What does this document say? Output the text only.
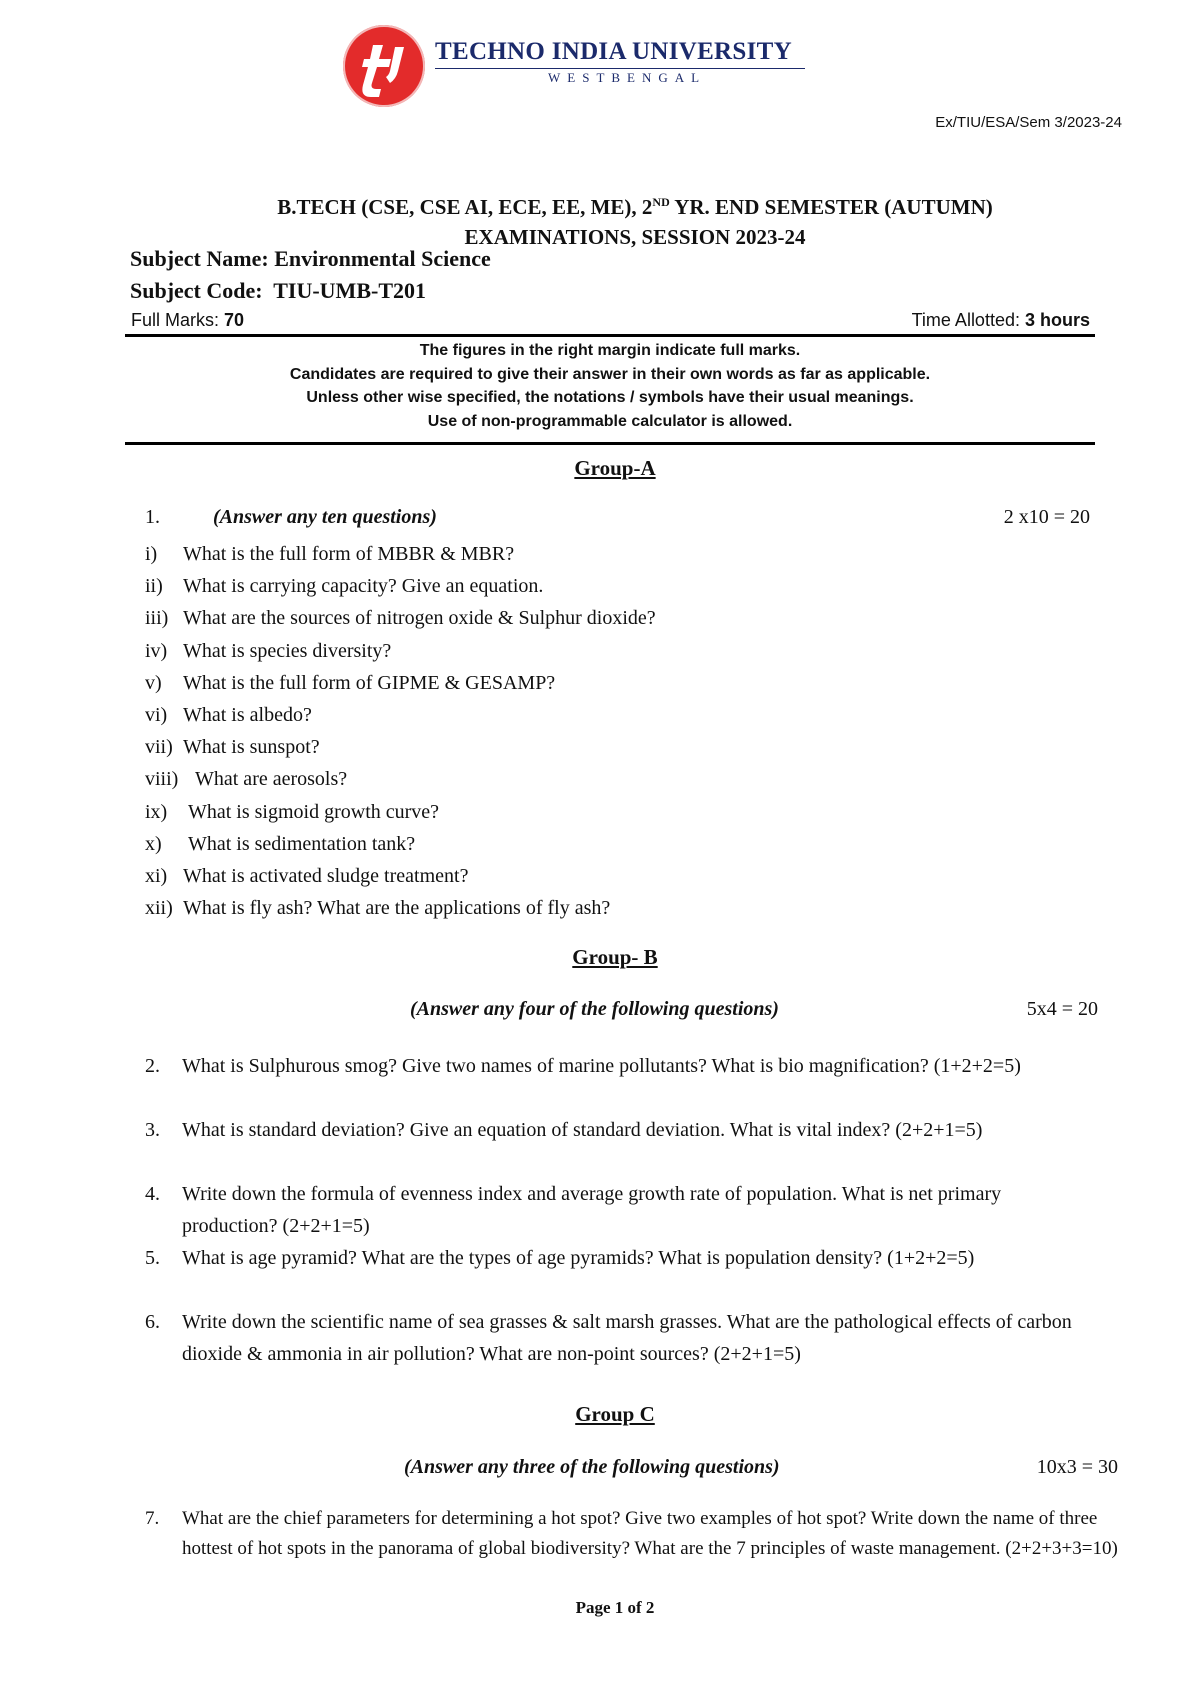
TECHNO INDIA UNIVERSITY
WESTBENGAL
Ex/TIU/ESA/Sem 3/2023-24
B.TECH (CSE, CSE AI, ECE, EE, ME), 2ND YR. END SEMESTER (AUTUMN)
EXAMINATIONS, SESSION 2023-24
Subject Name: Environmental Science
Subject Code:  TIU-UMB-T201
Full Marks: 70	Time Allotted: 3 hours
The figures in the right margin indicate full marks.
Candidates are required to give their answer in their own words as far as applicable.
Unless other wise specified, the notations / symbols have their usual meanings.
Use of non-programmable calculator is allowed.
Group-A
1.	(Answer any ten questions)	2 x10 = 20
i) What is the full form of MBBR & MBR?
ii) What is carrying capacity? Give an equation.
iii) What are the sources of nitrogen oxide & Sulphur dioxide?
iv) What is species diversity?
v) What is the full form of GIPME & GESAMP?
vi) What is albedo?
vii) What is sunspot?
viii) What are aerosols?
ix) What is sigmoid growth curve?
x) What is sedimentation tank?
xi) What is activated sludge treatment?
xii) What is fly ash? What are the applications of fly ash?
Group- B
(Answer any four of the following questions)	5x4 = 20
2. What is Sulphurous smog? Give two names of marine pollutants? What is bio magnification? (1+2+2=5)
3. What is standard deviation? Give an equation of standard deviation. What is vital index? (2+2+1=5)
4. Write down the formula of evenness index and average growth rate of population. What is net primary production? (2+2+1=5)
5. What is age pyramid? What are the types of age pyramids? What is population density? (1+2+2=5)
6. Write down the scientific name of sea grasses & salt marsh grasses. What are the pathological effects of carbon dioxide & ammonia in air pollution? What are non-point sources? (2+2+1=5)
Group C
(Answer any three of the following questions)	10x3 = 30
7. What are the chief parameters for determining a hot spot? Give two examples of hot spot? Write down the name of three hottest of hot spots in the panorama of global biodiversity? What are the 7 principles of waste management. (2+2+3+3=10)
Page 1 of 2
